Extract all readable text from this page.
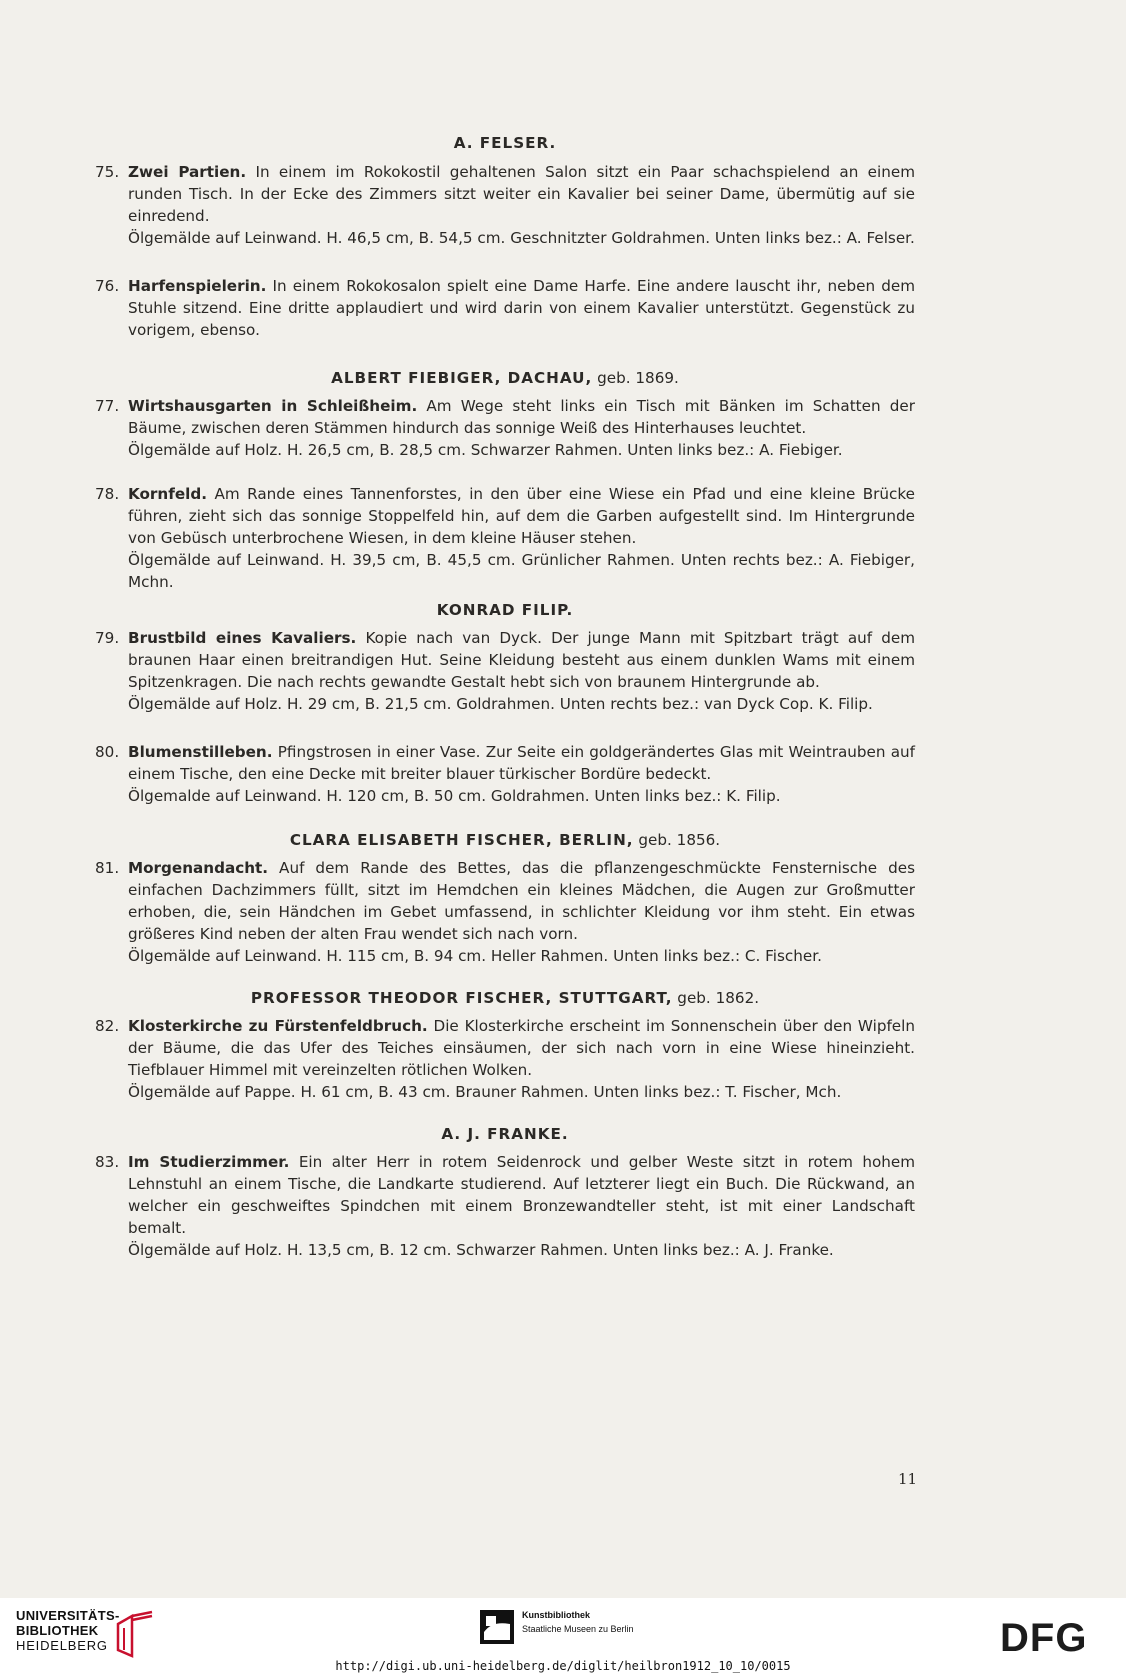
A. FELSER.

75. Zwei Partien. In einem im Rokokostil gehaltenen Salon sitzt ein Paar schachspielend an einem runden Tisch. In der Ecke des Zimmers sitzt weiter ein Kavalier bei seiner Dame, übermütig auf sie einredend.
Ölgemälde auf Leinwand. H. 46,5 cm, B. 54,5 cm. Geschnitzter Goldrahmen. Unten links bez.: A. Felser.

76. Harfenspielerin. In einem Rokokosalon spielt eine Dame Harfe. Eine andere lauscht ihr, neben dem Stuhle sitzend. Eine dritte applaudiert und wird darin von einem Kavalier unterstützt. Gegenstück zu vorigem, ebenso.

ALBERT FIEBIGER, DACHAU, geb. 1869.

77. Wirtshausgarten in Schleißheim. Am Wege steht links ein Tisch mit Bänken im Schatten der Bäume, zwischen deren Stämmen hindurch das sonnige Weiß des Hinterhauses leuchtet.
Ölgemälde auf Holz. H. 26,5 cm, B. 28,5 cm. Schwarzer Rahmen. Unten links bez.: A. Fiebiger.

78. Kornfeld. Am Rande eines Tannenforstes, in den über eine Wiese ein Pfad und eine kleine Brücke führen, zieht sich das sonnige Stoppelfeld hin, auf dem die Garben aufgestellt sind. Im Hintergrunde von Gebüsch unterbrochene Wiesen, in dem kleine Häuser stehen.
Ölgemälde auf Leinwand. H. 39,5 cm, B. 45,5 cm. Grünlicher Rahmen. Unten rechts bez.: A. Fiebiger, Mchn.

KONRAD FILIP.

79. Brustbild eines Kavaliers. Kopie nach van Dyck. Der junge Mann mit Spitzbart trägt auf dem braunen Haar einen breitrandigen Hut. Seine Kleidung besteht aus einem dunklen Wams mit einem Spitzenkragen. Die nach rechts gewandte Gestalt hebt sich von braunem Hintergrunde ab.
Ölgemälde auf Holz. H. 29 cm, B. 21,5 cm. Goldrahmen. Unten rechts bez.: van Dyck Cop. K. Filip.

80. Blumenstilleben. Pfingstrosen in einer Vase. Zur Seite ein goldgerändertes Glas mit Weintrauben auf einem Tische, den eine Decke mit breiter blauer türkischer Bordüre bedeckt.
Ölgemalde auf Leinwand. H. 120 cm, B. 50 cm. Goldrahmen. Unten links bez.: K. Filip.

CLARA ELISABETH FISCHER, BERLIN, geb. 1856.

81. Morgenandacht. Auf dem Rande des Bettes, das die pflanzengeschmückte Fensternische des einfachen Dachzimmers füllt, sitzt im Hemdchen ein kleines Mädchen, die Augen zur Großmutter erhoben, die, sein Händchen im Gebet umfassend, in schlichter Kleidung vor ihm steht. Ein etwas größeres Kind neben der alten Frau wendet sich nach vorn.
Ölgemälde auf Leinwand. H. 115 cm, B. 94 cm. Heller Rahmen. Unten links bez.: C. Fischer.

PROFESSOR THEODOR FISCHER, STUTTGART, geb. 1862.

82. Klosterkirche zu Fürstenfeldbruch. Die Klosterkirche erscheint im Sonnenschein über den Wipfeln der Bäume, die das Ufer des Teiches einsäumen, der sich nach vorn in eine Wiese hineinzieht. Tiefblauer Himmel mit vereinzelten rötlichen Wolken.
Ölgemälde auf Pappe. H. 61 cm, B. 43 cm. Brauner Rahmen. Unten links bez.: T. Fischer, Mch.

A. J. FRANKE.

83. Im Studierzimmer. Ein alter Herr in rotem Seidenrock und gelber Weste sitzt in rotem hohem Lehnstuhl an einem Tische, die Landkarte studierend. Auf letzterer liegt ein Buch. Die Rückwand, an welcher ein geschweiftes Spindchen mit einem Bronzewandteller steht, ist mit einer Landschaft bemalt.
Ölgemälde auf Holz. H. 13,5 cm, B. 12 cm. Schwarzer Rahmen. Unten links bez.: A. J. Franke.

11
UNIVERSITÄTS-
BIBLIOTHEK
HEIDELBERG
Kunstbibliothek
Staatliche Museen zu Berlin	DFG
http://digi.ub.uni-heidelberg.de/diglit/heilbron1912_10_10/0015
